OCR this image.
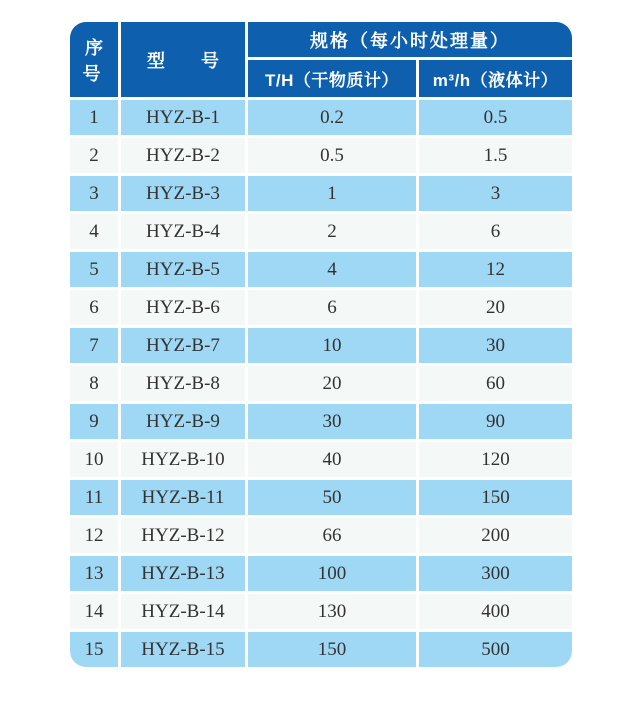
序号	型　　号	规格（每小时处理量）	
		T/H（干物质计）	m³/h（液体计）
1	HYZ-B-1	0.2	0.5
2	HYZ-B-2	0.5	1.5
3	HYZ-B-3	1	3
4	HYZ-B-4	2	6
5	HYZ-B-5	4	12
6	HYZ-B-6	6	20
7	HYZ-B-7	10	30
8	HYZ-B-8	20	60
9	HYZ-B-9	30	90
10	HYZ-B-10	40	120
11	HYZ-B-11	50	150
12	HYZ-B-12	66	200
13	HYZ-B-13	100	300
14	HYZ-B-14	130	400
15	HYZ-B-15	150	500
